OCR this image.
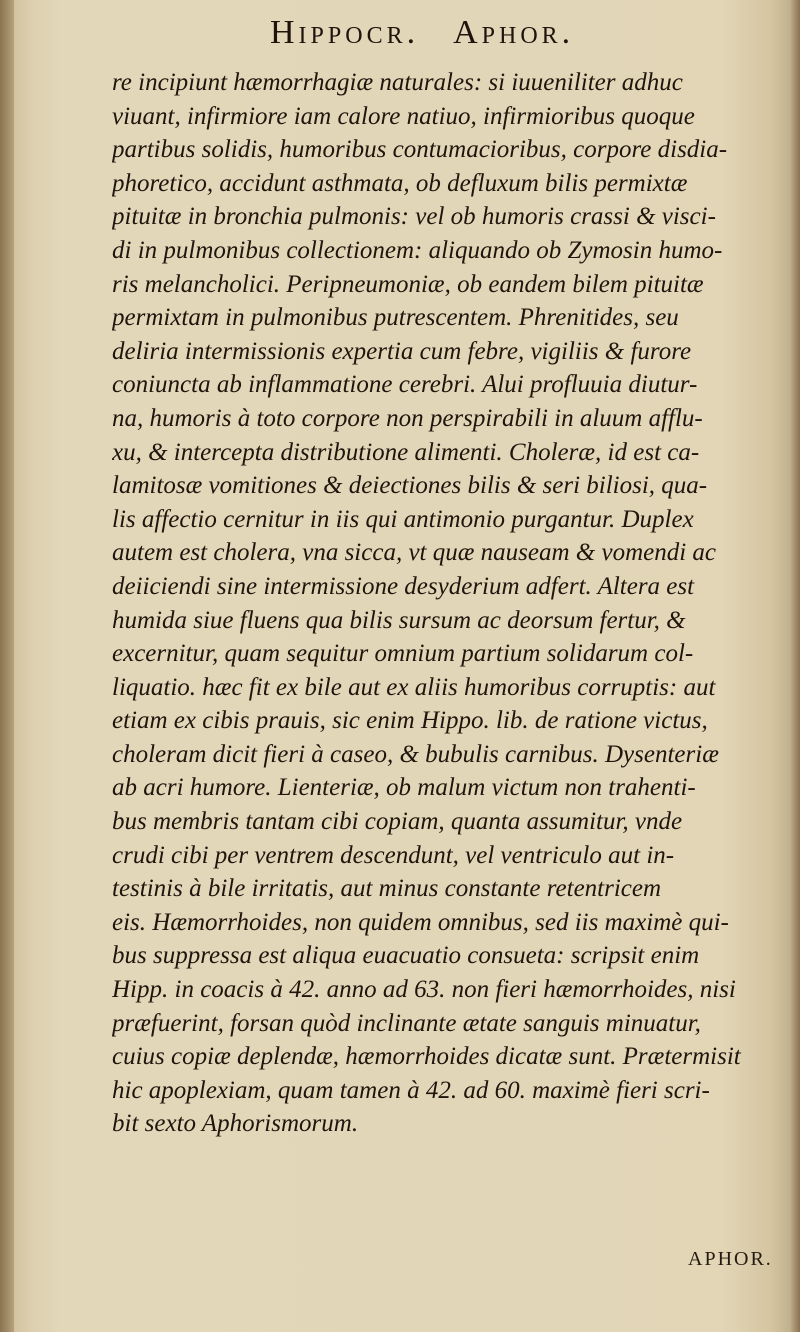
Hippocr. Aphor.
re incipiunt hæmorrhagiæ naturales: si iuueniliter adhuc
viuant, infirmiore iam calore natiuo, infirmioribus quoque
partibus solidis, humoribus contumacioribus, corpore disdia-
phoretico, accidunt asthmata, ob defluxum bilis permixtæ
pituitæ in bronchia pulmonis: vel ob humoris crassi & visci-
di in pulmonibus collectionem: aliquando ob Zymosin humo-
ris melancholici. Peripneumoniæ, ob eandem bilem pituitæ
permixtam in pulmonibus putrescentem. Phrenitides, seu
deliria intermissionis expertia cum febre, vigiliis & furore
coniuncta ab inflammatione cerebri. Alui profluuia diutur-
na, humoris à toto corpore non perspirabili in aluum afflu-
xu, & intercepta distributione alimenti. Choleræ, id est ca-
lamitosæ vomitiones & deiectiones bilis & seri biliosi, qua-
lis affectio cernitur in iis qui antimonio purgantur. Duplex
autem est cholera, vna sicca, vt quæ nauseam & vomendi ac
deiiciendi sine intermissione desyderium adfert. Altera est
humida siue fluens qua bilis sursum ac deorsum fertur, &
excernitur, quam sequitur omnium partium solidarum col-
liquatio. hæc fit ex bile aut ex aliis humoribus corruptis: aut
etiam ex cibis prauis, sic enim Hippo. lib. de ratione victus,
choleram dicit fieri à caseo, & bubulis carnibus. Dysenteriæ
ab acri humore. Lienteriæ, ob malum victum non trahenti-
bus membris tantam cibi copiam, quanta assumitur, vnde
crudi cibi per ventrem descendunt, vel ventriculo aut in-
testinis à bile irritatis, aut minus constante retentricem
eis. Hæmorrhoides, non quidem omnibus, sed iis maximè qui-
bus suppressa est aliqua euacuatio consueta: scripsit enim
Hipp. in coacis à 42. anno ad 63. non fieri hæmorrhoides, nisi
præfuerint, forsan quòd inclinante ætate sanguis minuatur,
cuius copiæ deplendæ, hæmorrhoides dicatæ sunt. Prætermisit
hic apoplexiam, quam tamen à 42. ad 60. maximè fieri scri-
bit sexto Aphorismorum.
APHOR.
